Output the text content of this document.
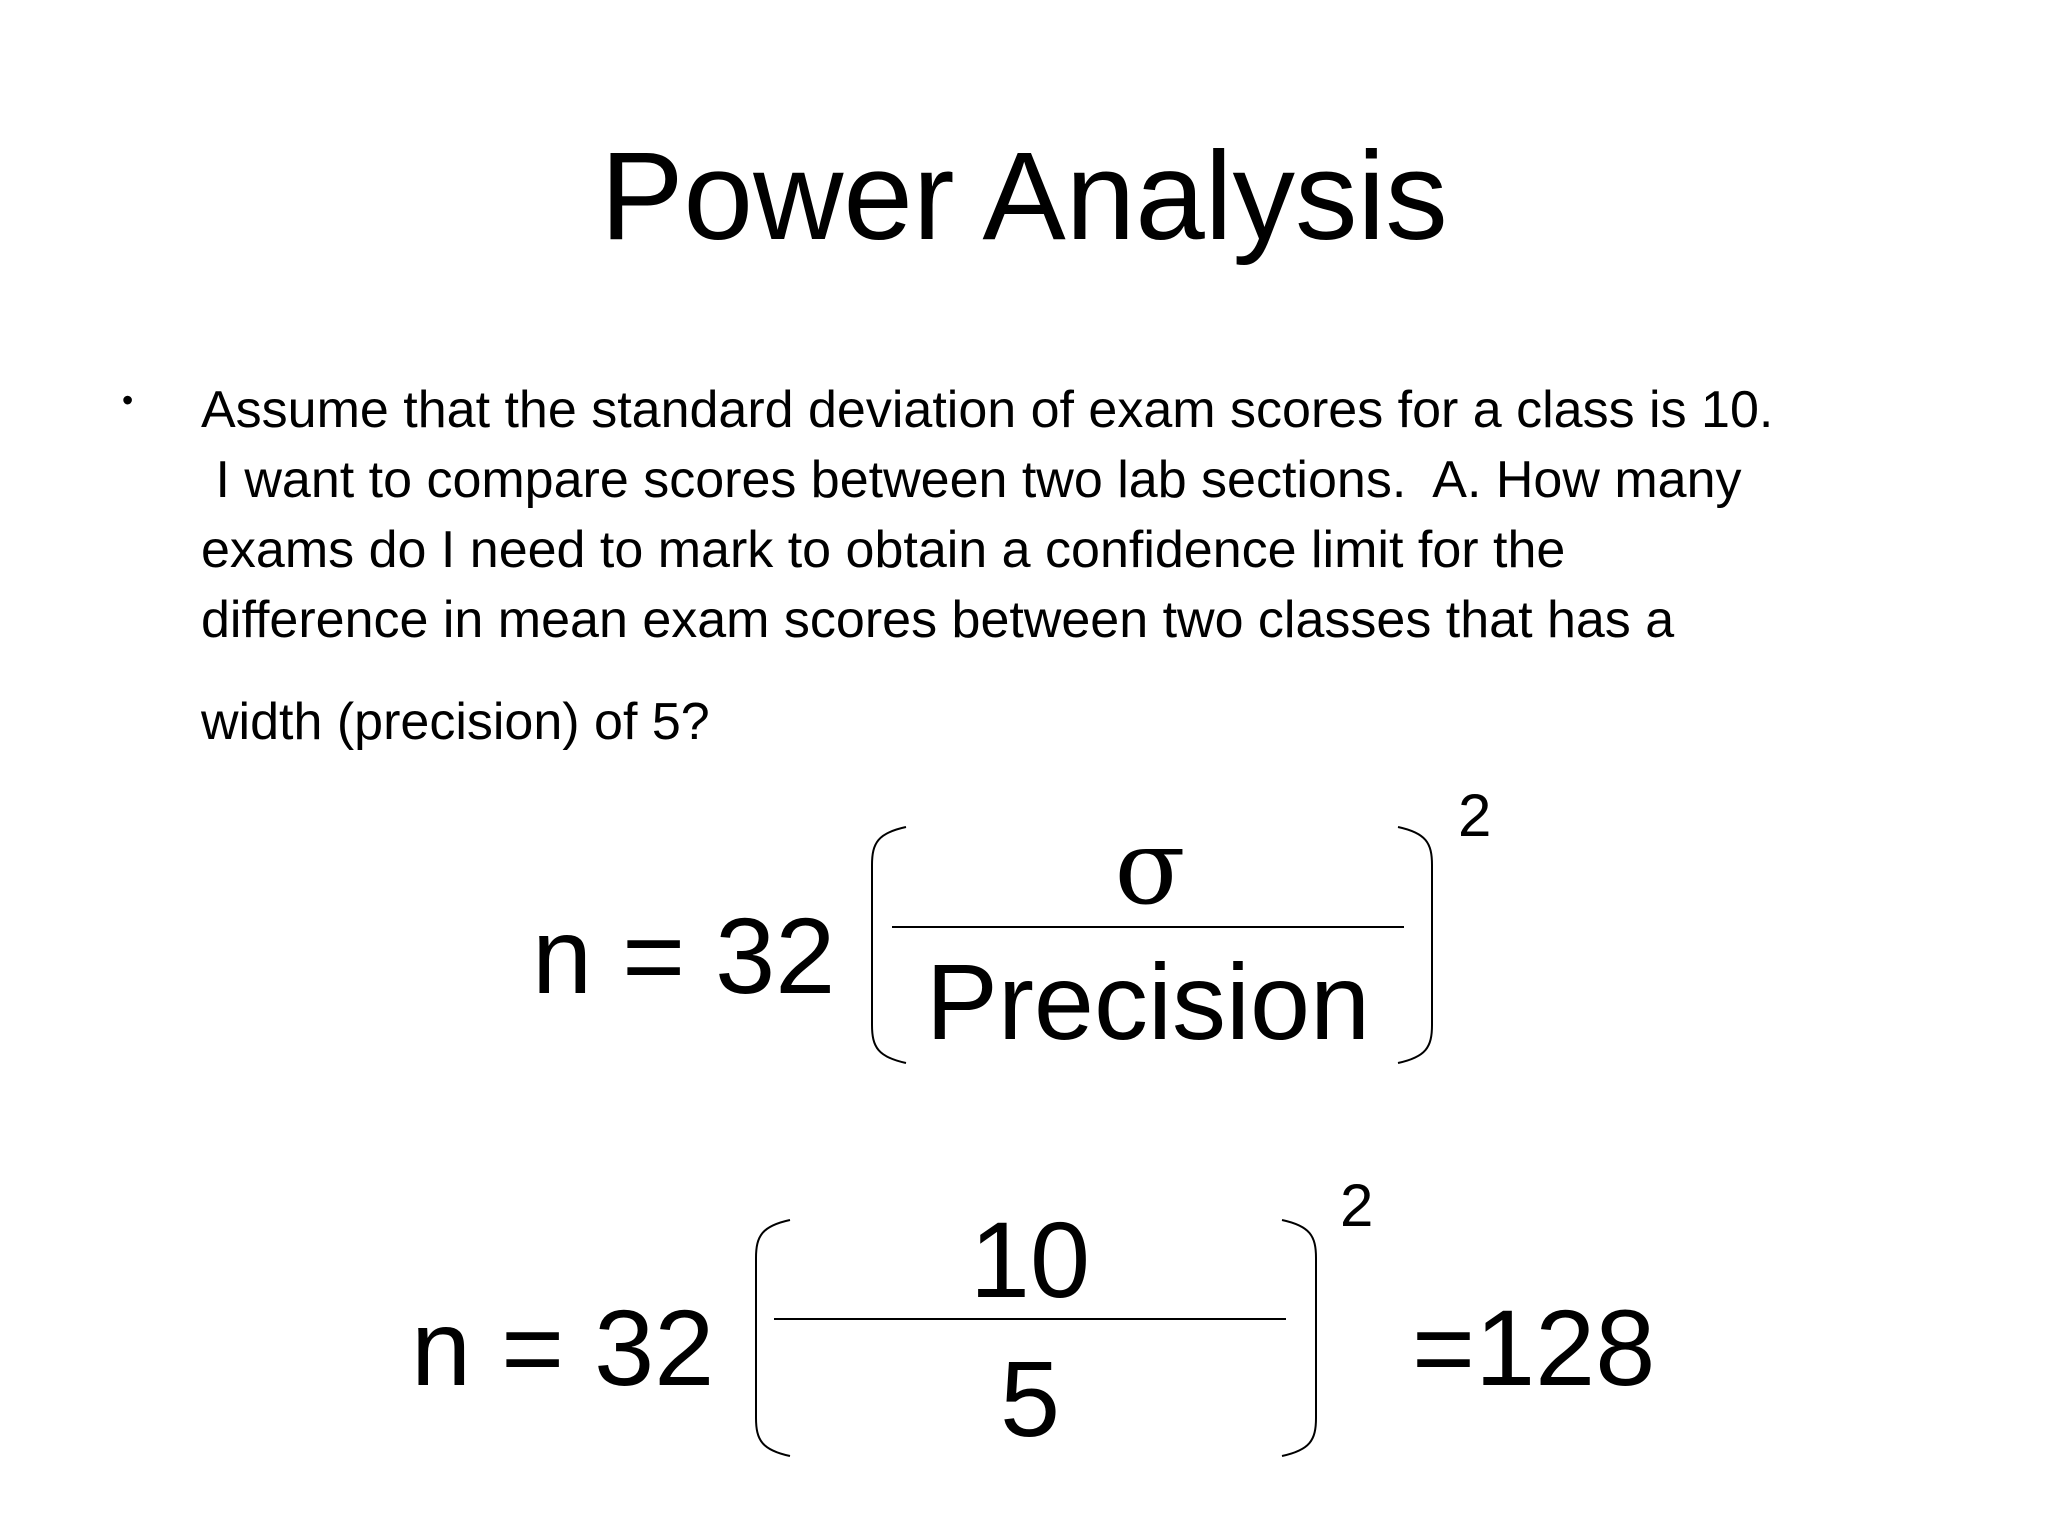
Power Analysis
• Assume that the standard deviation of exam scores for a class is 10.
I want to compare scores between two lab sections.  A. How many
exams do I need to mark to obtain a confidence limit for the
difference in mean exam scores between two classes that has a
width (precision) of 5?
n = 32
σ
Precision
2
n = 32
10
5
2
=128
